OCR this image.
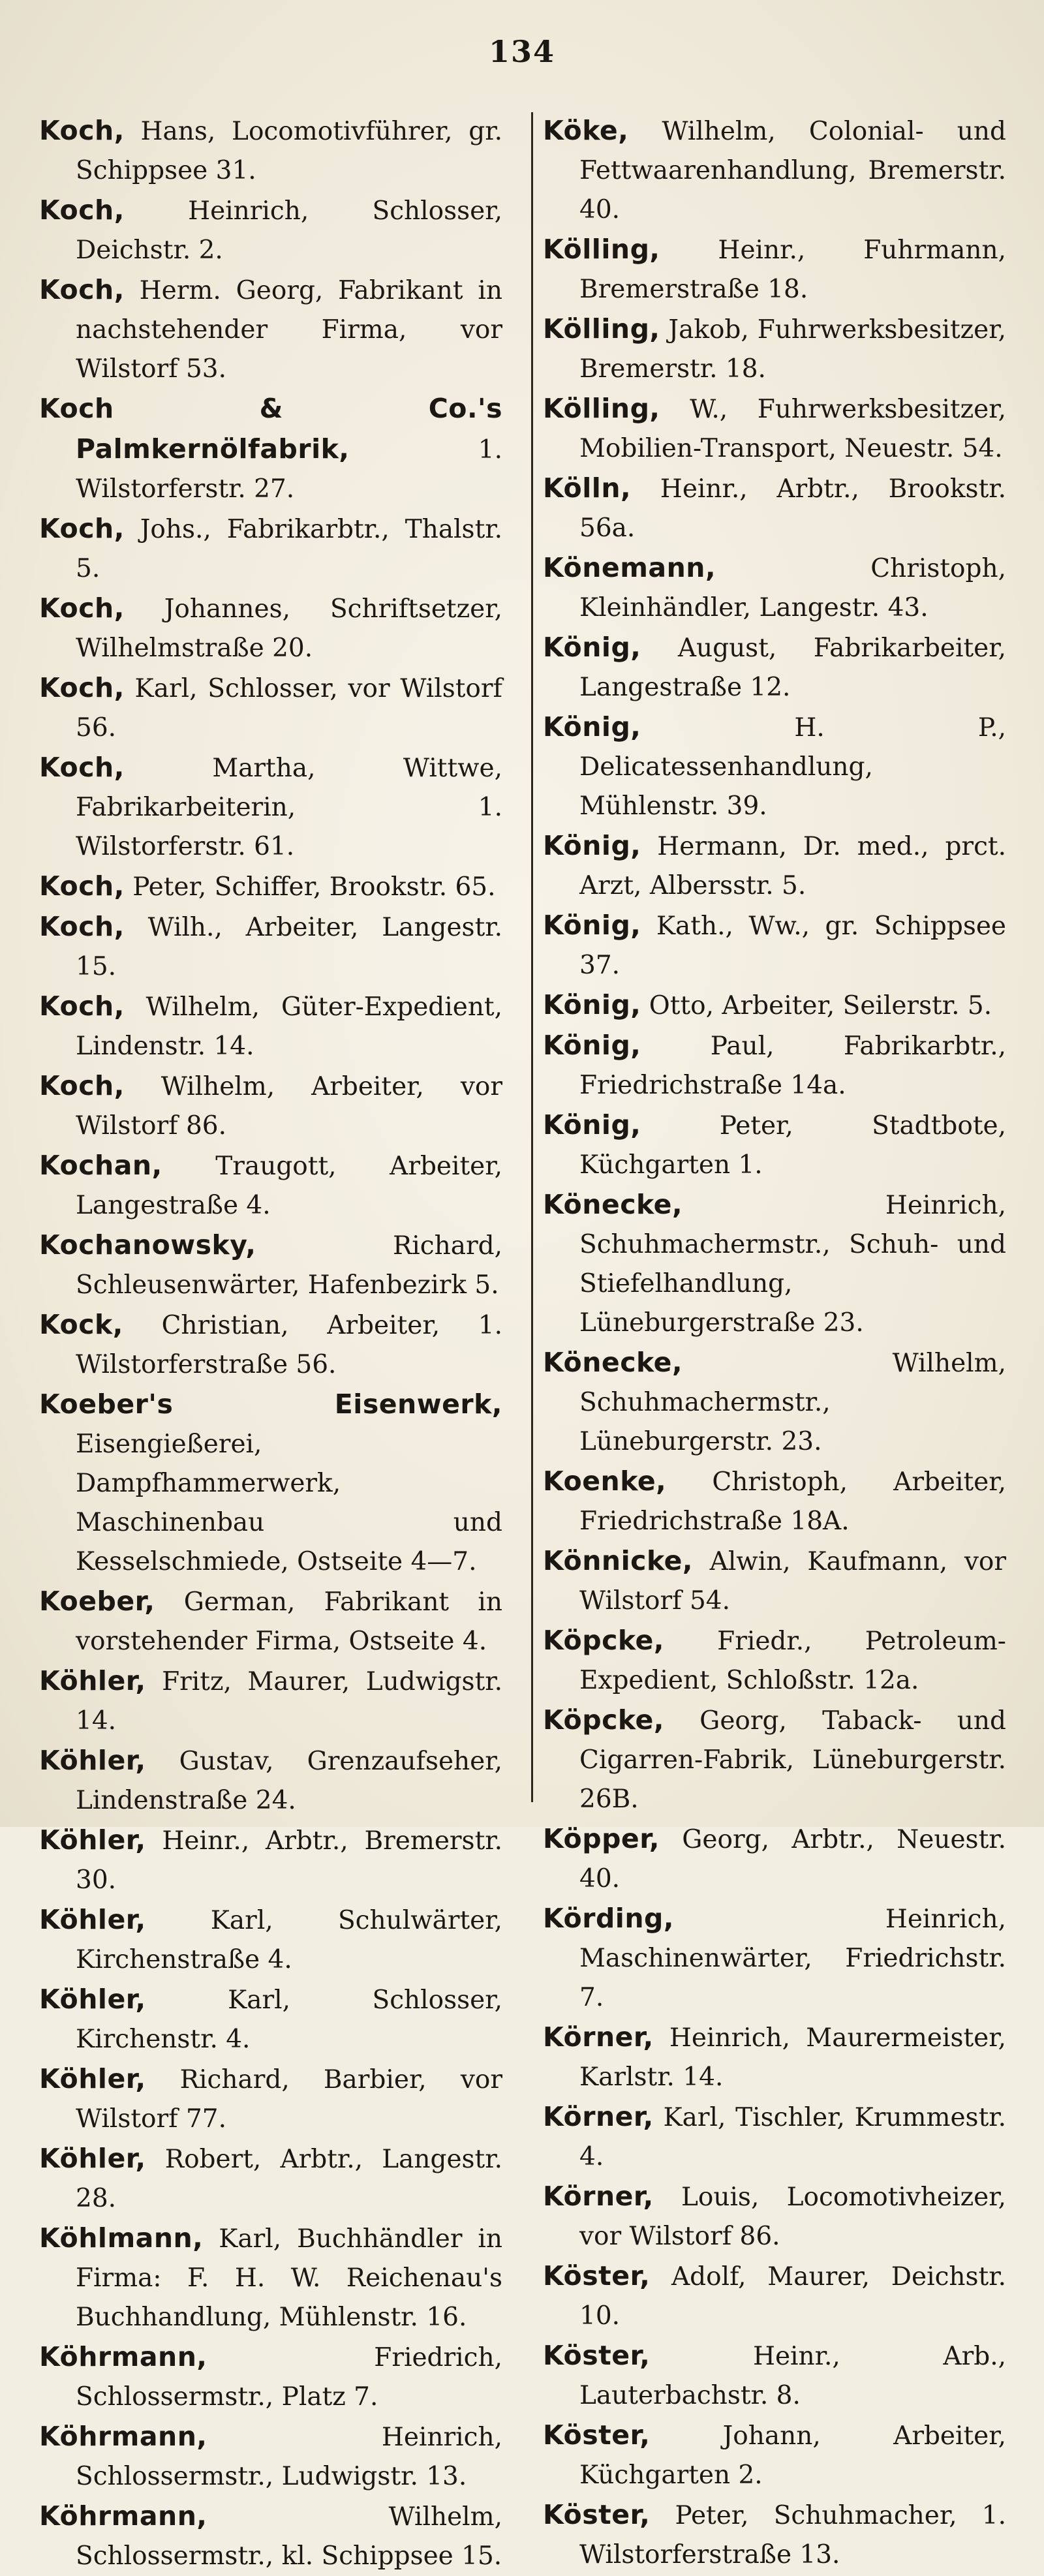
134

Koch, Hans, Locomotivführer, gr. Schippsee 31.

Koch, Heinrich, Schlosser, Deichstr. 2.

Koch, Herm. Georg, Fabrikant in nachstehender Firma, vor Wilstorf 53.

Koch & Co.'s Palmkernölfabrik, 1. Wilstorferstr. 27.

Koch, Johs., Fabrikarbtr., Thalstr. 5.

Koch, Johannes, Schriftsetzer, Wilhelmstraße 20.

Koch, Karl, Schlosser, vor Wilstorf 56.

Koch, Martha, Wittwe, Fabrikarbeiterin, 1. Wilstorferstr. 61.

Koch, Peter, Schiffer, Brookstr. 65.

Koch, Wilh., Arbeiter, Langestr. 15.

Koch, Wilhelm, Güter-Expedient, Lindenstr. 14.

Koch, Wilhelm, Arbeiter, vor Wilstorf 86.

Kochan, Traugott, Arbeiter, Langestraße 4.

Kochanowsky, Richard, Schleusenwärter, Hafenbezirk 5.

Kock, Christian, Arbeiter, 1. Wilstorferstraße 56.

Koeber's Eisenwerk, Eisengießerei, Dampfhammerwerk, Maschinenbau und Kesselschmiede, Ostseite 4—7.

Koeber, German, Fabrikant in vorstehender Firma, Ostseite 4.

Köhler, Fritz, Maurer, Ludwigstr. 14.

Köhler, Gustav, Grenzaufseher, Lindenstraße 24.

Köhler, Heinr., Arbtr., Bremerstr. 30.

Köhler, Karl, Schulwärter, Kirchenstraße 4.

Köhler, Karl, Schlosser, Kirchenstr. 4.

Köhler, Richard, Barbier, vor Wilstorf 77.

Köhler, Robert, Arbtr., Langestr. 28.

Köhlmann, Karl, Buchhändler in Firma: F. H. W. Reichenau's Buchhandlung, Mühlenstr. 16.

Köhrmann, Friedrich, Schlossermstr., Platz 7.

Köhrmann, Heinrich, Schlossermstr., Ludwigstr. 13.

Köhrmann, Wilhelm, Schlossermstr., kl. Schippsee 15.

Köke, Wilhelm, Colonial- und Fettwaarenhandlung, Bremerstr. 40.

Kölling, Heinr., Fuhrmann, Bremerstraße 18.

Kölling, Jakob, Fuhrwerksbesitzer, Bremerstr. 18.

Kölling, W., Fuhrwerksbesitzer, Mobilien-Transport, Neuestr. 54.

Kölln, Heinr., Arbtr., Brookstr. 56a.

Könemann, Christoph, Kleinhändler, Langestr. 43.

König, August, Fabrikarbeiter, Langestraße 12.

König, H. P., Delicatessenhandlung, Mühlenstr. 39.

König, Hermann, Dr. med., prct. Arzt, Albersstr. 5.

König, Kath., Ww., gr. Schippsee 37.

König, Otto, Arbeiter, Seilerstr. 5.

König, Paul, Fabrikarbtr., Friedrichstraße 14a.

König, Peter, Stadtbote, Küchgarten 1.

Könecke, Heinrich, Schuhmachermstr., Schuh- und Stiefelhandlung, Lüneburgerstraße 23.

Könecke, Wilhelm, Schuhmachermstr., Lüneburgerstr. 23.

Koenke, Christoph, Arbeiter, Friedrichstraße 18A.

Könnicke, Alwin, Kaufmann, vor Wilstorf 54.

Köpcke, Friedr., Petroleum-Expedient, Schloßstr. 12a.

Köpcke, Georg, Taback- und Cigarren-Fabrik, Lüneburgerstr. 26B.

Köpper, Georg, Arbtr., Neuestr. 40.

Körding, Heinrich, Maschinenwärter, Friedrichstr. 7.

Körner, Heinrich, Maurermeister, Karlstr. 14.

Körner, Karl, Tischler, Krummestr. 4.

Körner, Louis, Locomotivheizer, vor Wilstorf 86.

Köster, Adolf, Maurer, Deichstr. 10.

Köster, Heinr., Arb., Lauterbachstr. 8.

Köster, Johann, Arbeiter, Küchgarten 2.

Köster, Peter, Schuhmacher, 1. Wilstorferstraße 13.
